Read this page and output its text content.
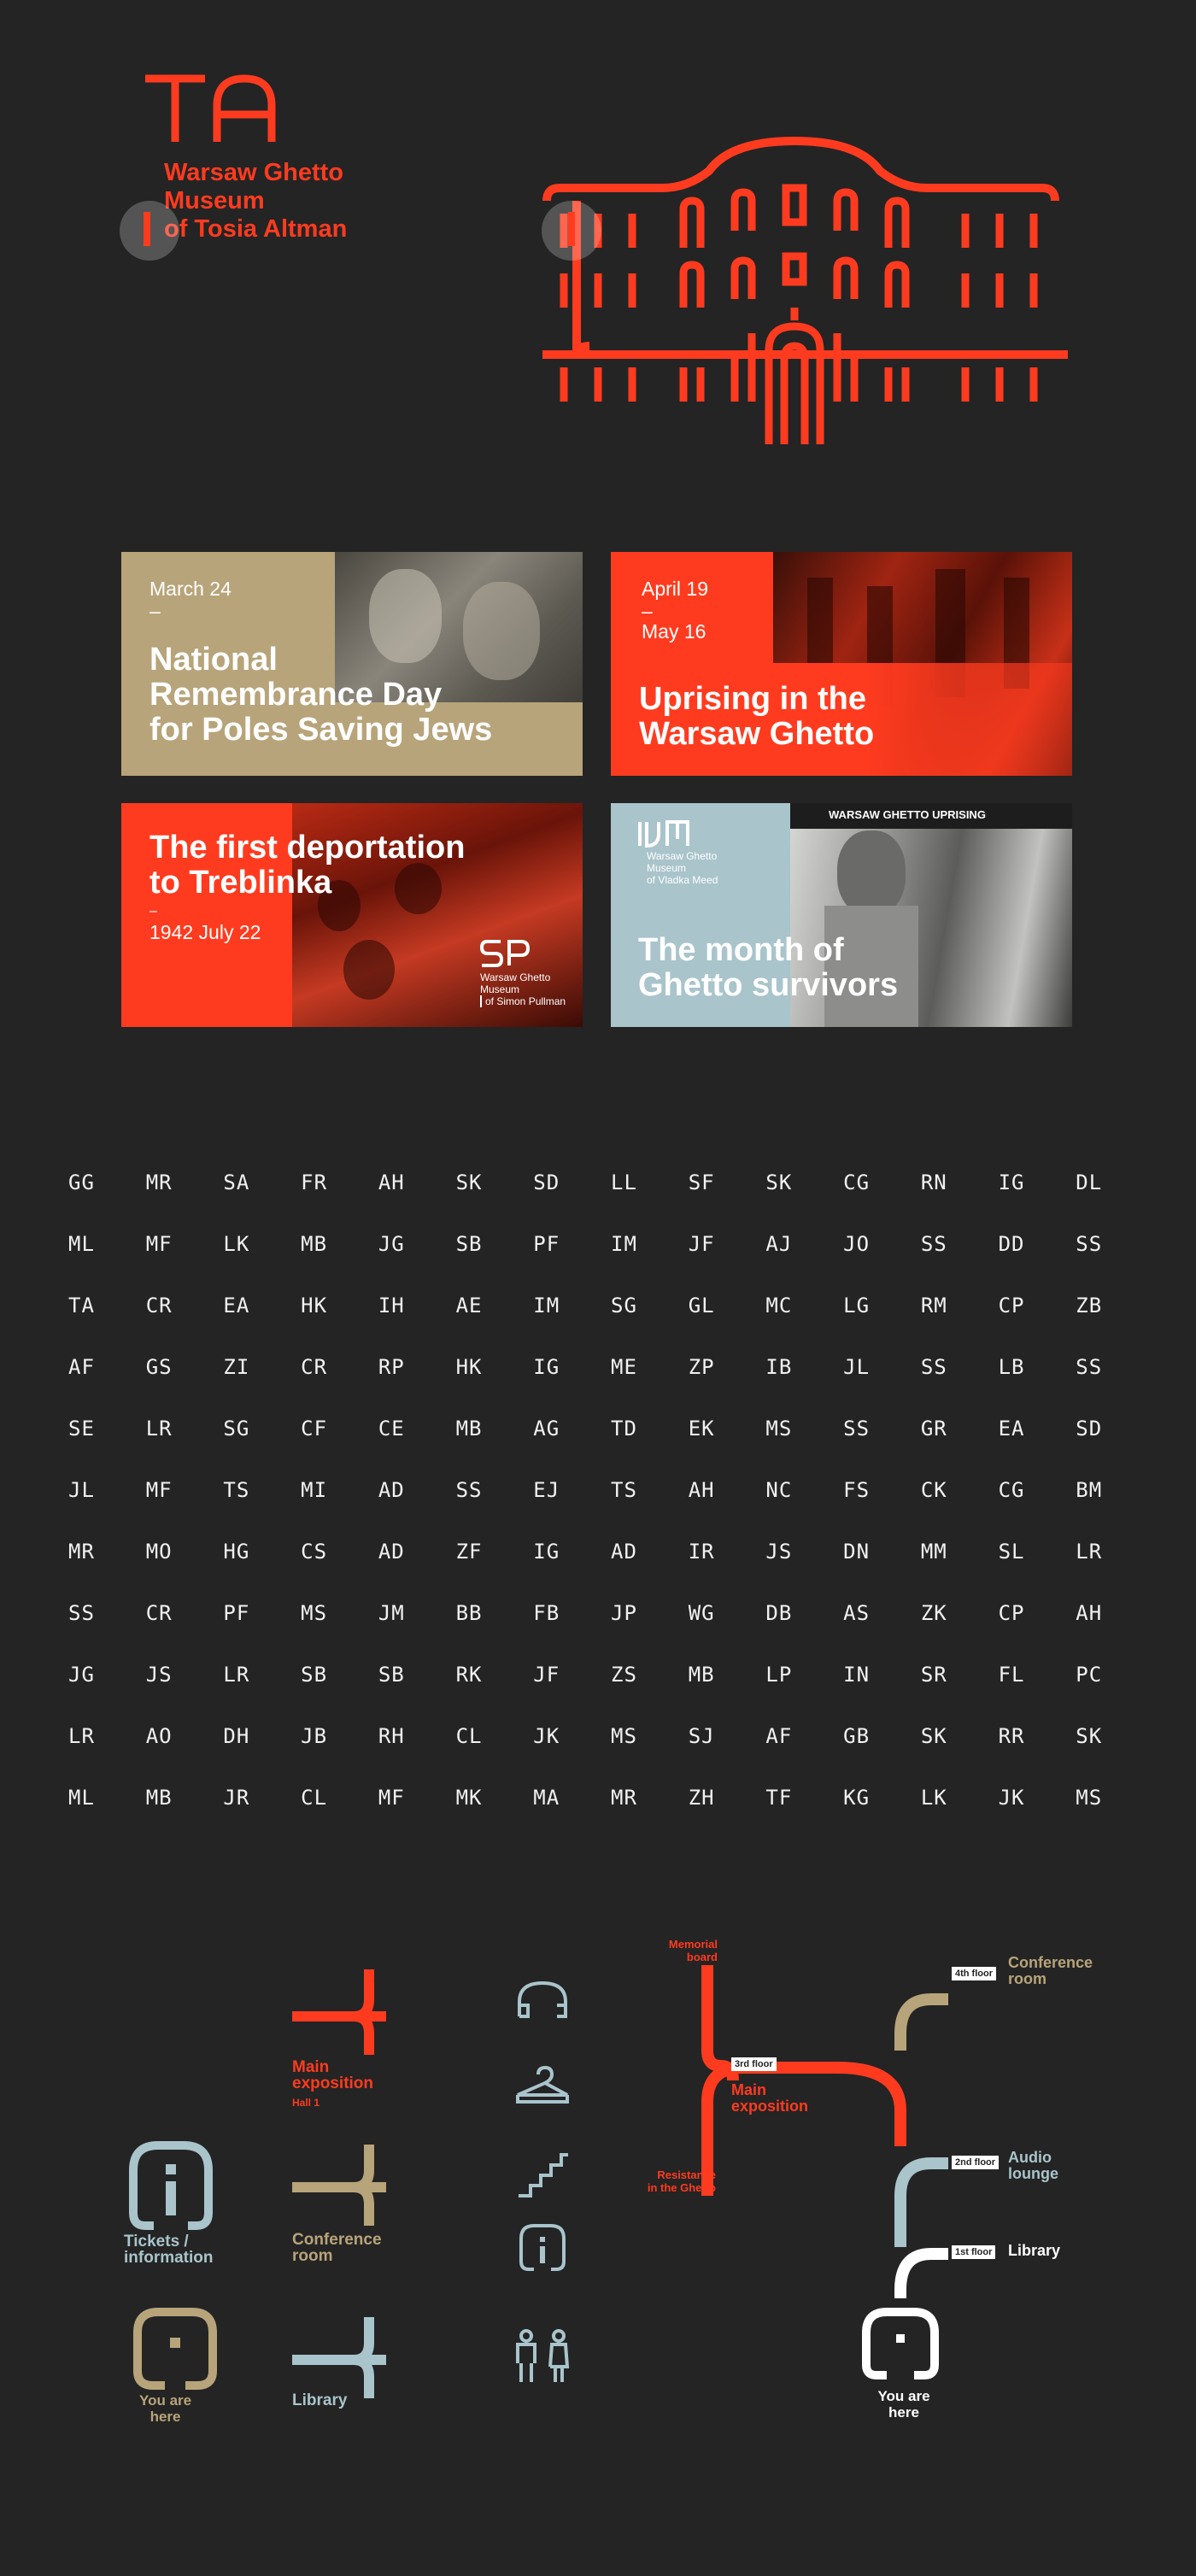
Warsaw Ghetto
Museum
of Tosia Altman
March 24
–
National
Remembrance Day
for Poles Saving Jews
April 19
–
May 16
Uprising in the
Warsaw Ghetto
The first deportation
to Treblinka
–
1942 July 22
Warsaw Ghetto
Museum
of Simon Pullman
WARSAW GHETTO UPRISING
Warsaw Ghetto
Museum
of Vladka Meed
The month of
Ghetto survivors
GG	MR	SA	FR	AH	SK	SD	LL	SF	SK	CG	RN	IG	DL
ML	MF	LK	MB	JG	SB	PF	IM	JF	AJ	JO	SS	DD	SS
TA	CR	EA	HK	IH	AE	IM	SG	GL	MC	LG	RM	CP	ZB
AF	GS	ZI	CR	RP	HK	IG	ME	ZP	IB	JL	SS	LB	SS
SE	LR	SG	CF	CE	MB	AG	TD	EK	MS	SS	GR	EA	SD
JL	MF	TS	MI	AD	SS	EJ	TS	AH	NC	FS	CK	CG	BM
MR	MO	HG	CS	AD	ZF	IG	AD	IR	JS	DN	MM	SL	LR
SS	CR	PF	MS	JM	BB	FB	JP	WG	DB	AS	ZK	CP	AH
JG	JS	LR	SB	SB	RK	JF	ZS	MB	LP	IN	SR	FL	PC
LR	AO	DH	JB	RH	CL	JK	MS	SJ	AF	GB	SK	RR	SK
ML	MB	JR	CL	MF	MK	MA	MR	ZH	TF	KG	LK	JK	MS
Tickets /
information
You are
here
Main
exposition
Hall 1
Conference
room
Library
Memorial
board
Resistance
in the Ghetto
3rd floor
Main
exposition
4th floor
Conference
room
2nd floor Audio
lounge
1st floor Library
You are
here
